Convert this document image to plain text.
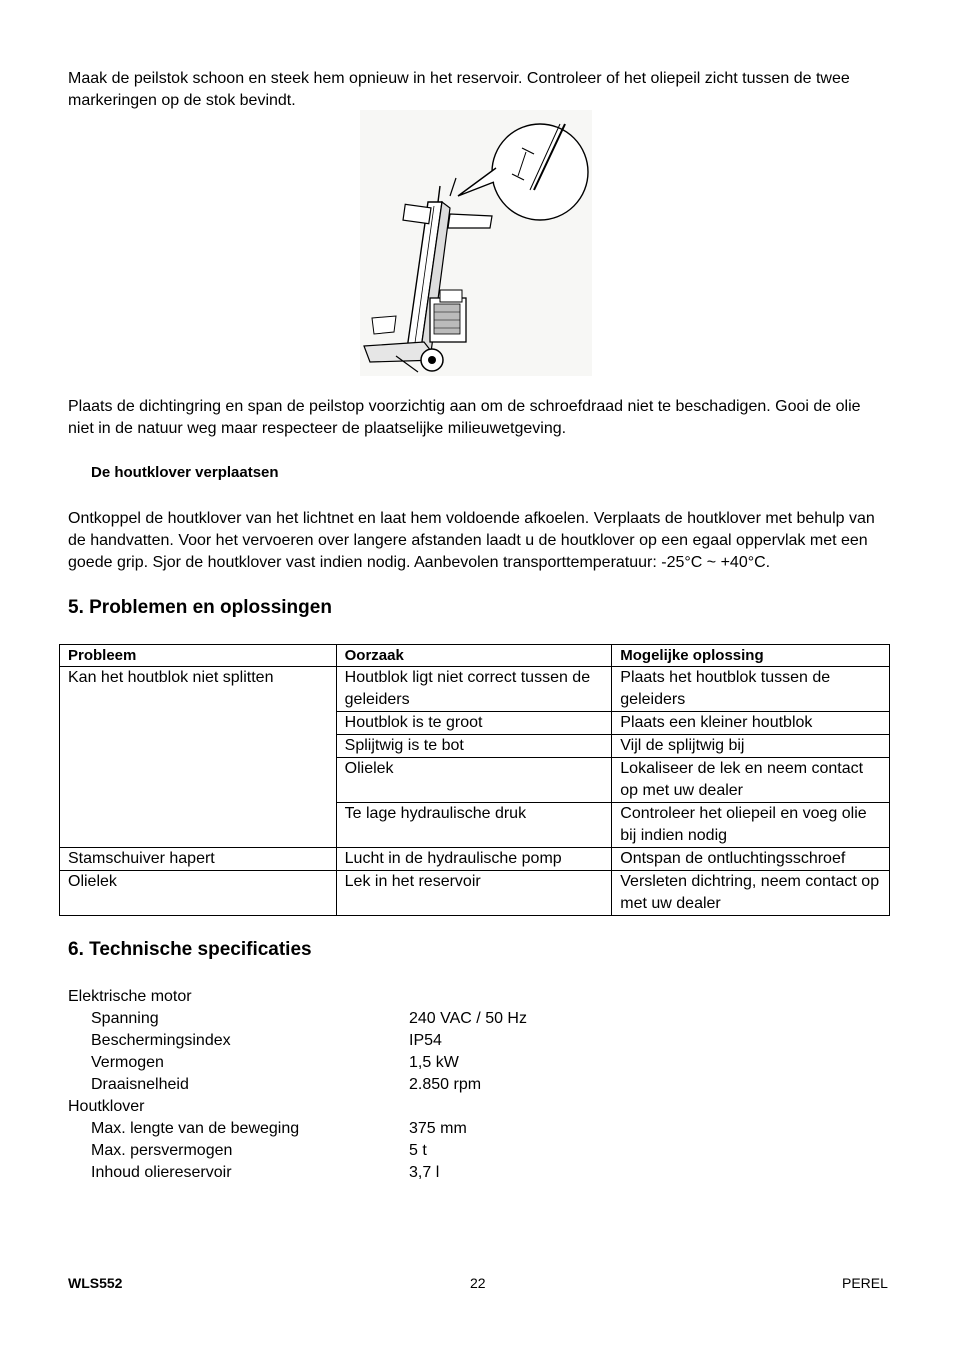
Maak de peilstok schoon en steek hem opnieuw in het reservoir. Controleer of het oliepeil zicht tussen de twee markeringen op de stok bevindt.

Plaats de dichtingring en span de peilstop voorzichtig aan om de schroefdraad niet te beschadigen. Gooi de olie niet in de natuur weg maar respecteer de plaatselijke milieuwetgeving.

De houtklover verplaatsen

Ontkoppel de houtklover van het lichtnet en laat hem voldoende afkoelen. Verplaats de houtklover met behulp van de handvatten. Voor het vervoeren over langere afstanden laadt u de houtklover op een egaal oppervlak met een goede grip. Sjor de houtklover vast indien nodig. Aanbevolen transporttemperatuur: -25°C ~ +40°C.

5. Problemen en oplossingen
Probleem	Oorzaak	Mogelijke oplossing
Kan het houtblok niet splitten	Houtblok ligt niet correct tussen de geleiders	Plaats het houtblok tussen de geleiders
	Houtblok is te groot	Plaats een kleiner houtblok
	Splijtwig is te bot	Vijl de splijtwig bij
	Olielek	Lokaliseer de lek en neem contact op met uw dealer
	Te lage hydraulische druk	Controleer het oliepeil en voeg olie bij indien nodig
Stamschuiver hapert	Lucht in de hydraulische pomp	Ontspan de ontluchtingsschroef
Olielek	Lek in het reservoir	Versleten dichtring, neem contact op met uw dealer
6. Technische specificaties

Elektrische motor

Spanning	240 VAC / 50 Hz

Beschermingsindex	IP54

Vermogen	1,5 kW

Draaisnelheid	2.850 rpm

Houtklover

Max. lengte van de beweging	375 mm

Max. persvermogen	5 t

Inhoud oliereservoir	3,7 l

WLS552	22	PEREL
